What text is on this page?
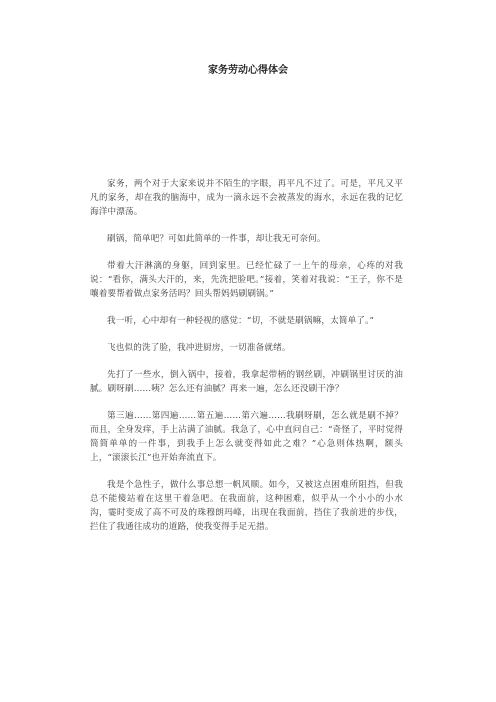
家务劳动心得体会

家务，两个对于大家来说并不陌生的字眼，再平凡不过了。可是，平凡又平凡的家务，却在我的脑海中，成为一滴永远不会被蒸发的海水，永远在我的记忆海洋中漂荡。

刷锅，简单吧？可如此简单的一件事，却让我无可奈何。

带着大汗淋漓的身躯，回到家里。已经忙碌了一上午的母亲，心疼的对我说：“看你，满头大汗的，来，先洗把脸吧。”接着，笑着对我说：“王子，你不是嚷着要帮着做点家务活吗？回头帮妈妈刷刷锅。”

我一听，心中却有一种轻视的感觉：“切，不就是刷锅嘛，太简单了。”

飞也似的洗了脸，我冲进厨房，一切准备就绪。

先打了一些水，倒入锅中，接着，我拿起带柄的钢丝刷，冲刷锅里讨厌的油腻。刷呀刷……咦？怎么还有油腻？再来一遍，怎么还没刷干净？

第三遍……第四遍……第五遍……第六遍……我刷呀刷，怎么就是刷不掉？而且，全身发痒，手上沾满了油腻。我急了，心中直问自己：“奇怪了，平时觉得简简单单的一件事，到我手上怎么就变得如此之难？”心急则体热啊，额头上，“滚滚长江”也开始奔流直下。

我是个急性子，做什么事总想一帆风顺。如今，又被这点困难所阻挡，但我总不能傻站着在这里干着急吧。在我面前，这种困难，似乎从一个小小的小水沟，霎时变成了高不可及的珠穆朗玛峰，出现在我面前，挡住了我前进的步伐，拦住了我通往成功的道路，使我变得手足无措。
